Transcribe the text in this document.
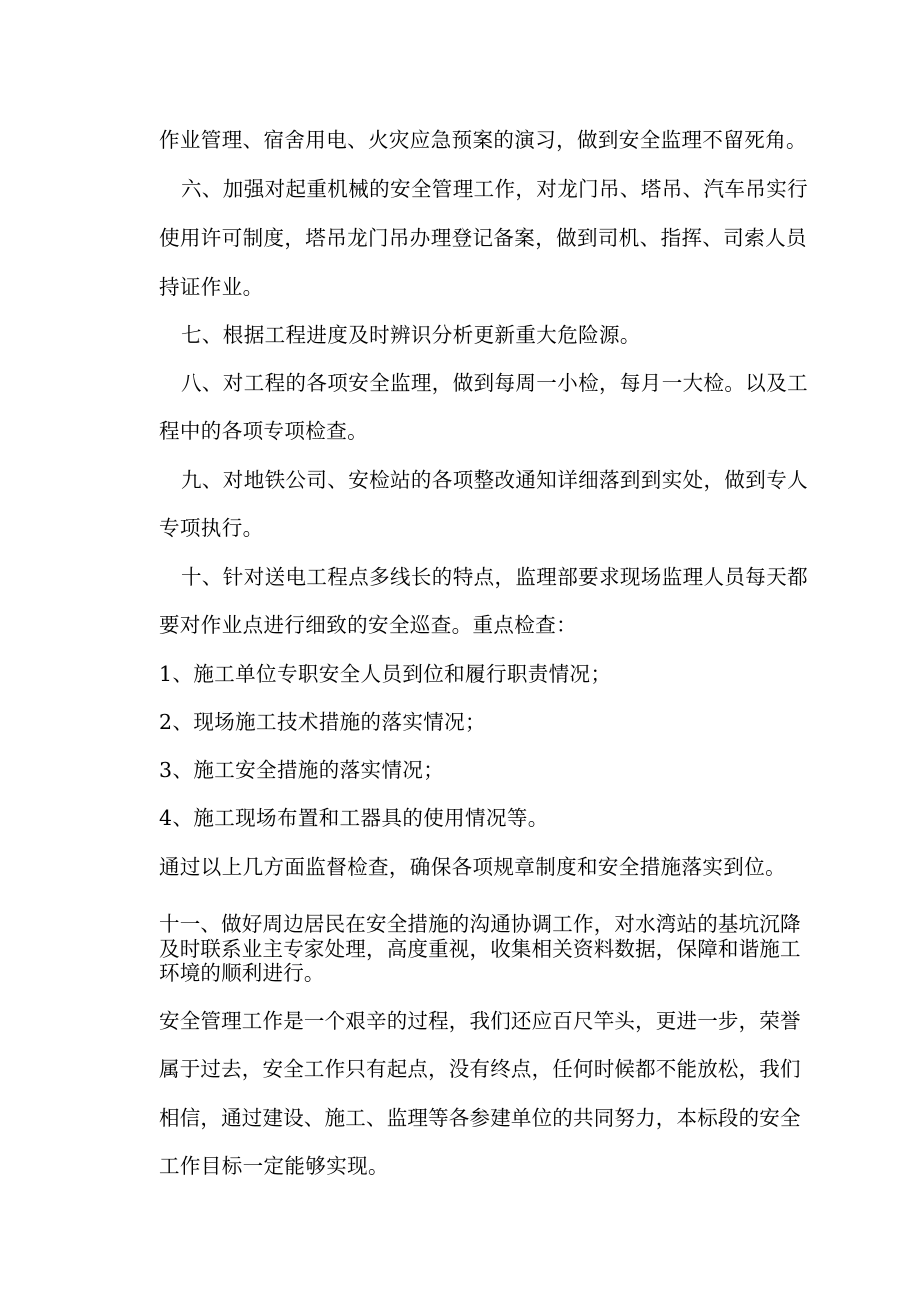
作业管理、宿舍用电、火灾应急预案的演习，做到安全监理不留死角。
六、加强对起重机械的安全管理工作，对龙门吊、塔吊、汽车吊实行
使用许可制度，塔吊龙门吊办理登记备案，做到司机、指挥、司索人员
持证作业。
七、根据工程进度及时辨识分析更新重大危险源。
八、对工程的各项安全监理，做到每周一小检，每月一大检。以及工
程中的各项专项检查。
九、对地铁公司、安检站的各项整改通知详细落到到实处，做到专人
专项执行。
十、针对送电工程点多线长的特点，监理部要求现场监理人员每天都
要对作业点进行细致的安全巡查。重点检查：
1、施工单位专职安全人员到位和履行职责情况；
2、现场施工技术措施的落实情况；
3、施工安全措施的落实情况；
4、施工现场布置和工器具的使用情况等。
通过以上几方面监督检查，确保各项规章制度和安全措施落实到位。
十一、做好周边居民在安全措施的沟通协调工作，对水湾站的基坑沉降
及时联系业主专家处理，高度重视，收集相关资料数据，保障和谐施工
环境的顺利进行。
安全管理工作是一个艰辛的过程，我们还应百尺竿头，更进一步，荣誉
属于过去，安全工作只有起点，没有终点，任何时候都不能放松，我们
相信，通过建设、施工、监理等各参建单位的共同努力，本标段的安全
工作目标一定能够实现。
